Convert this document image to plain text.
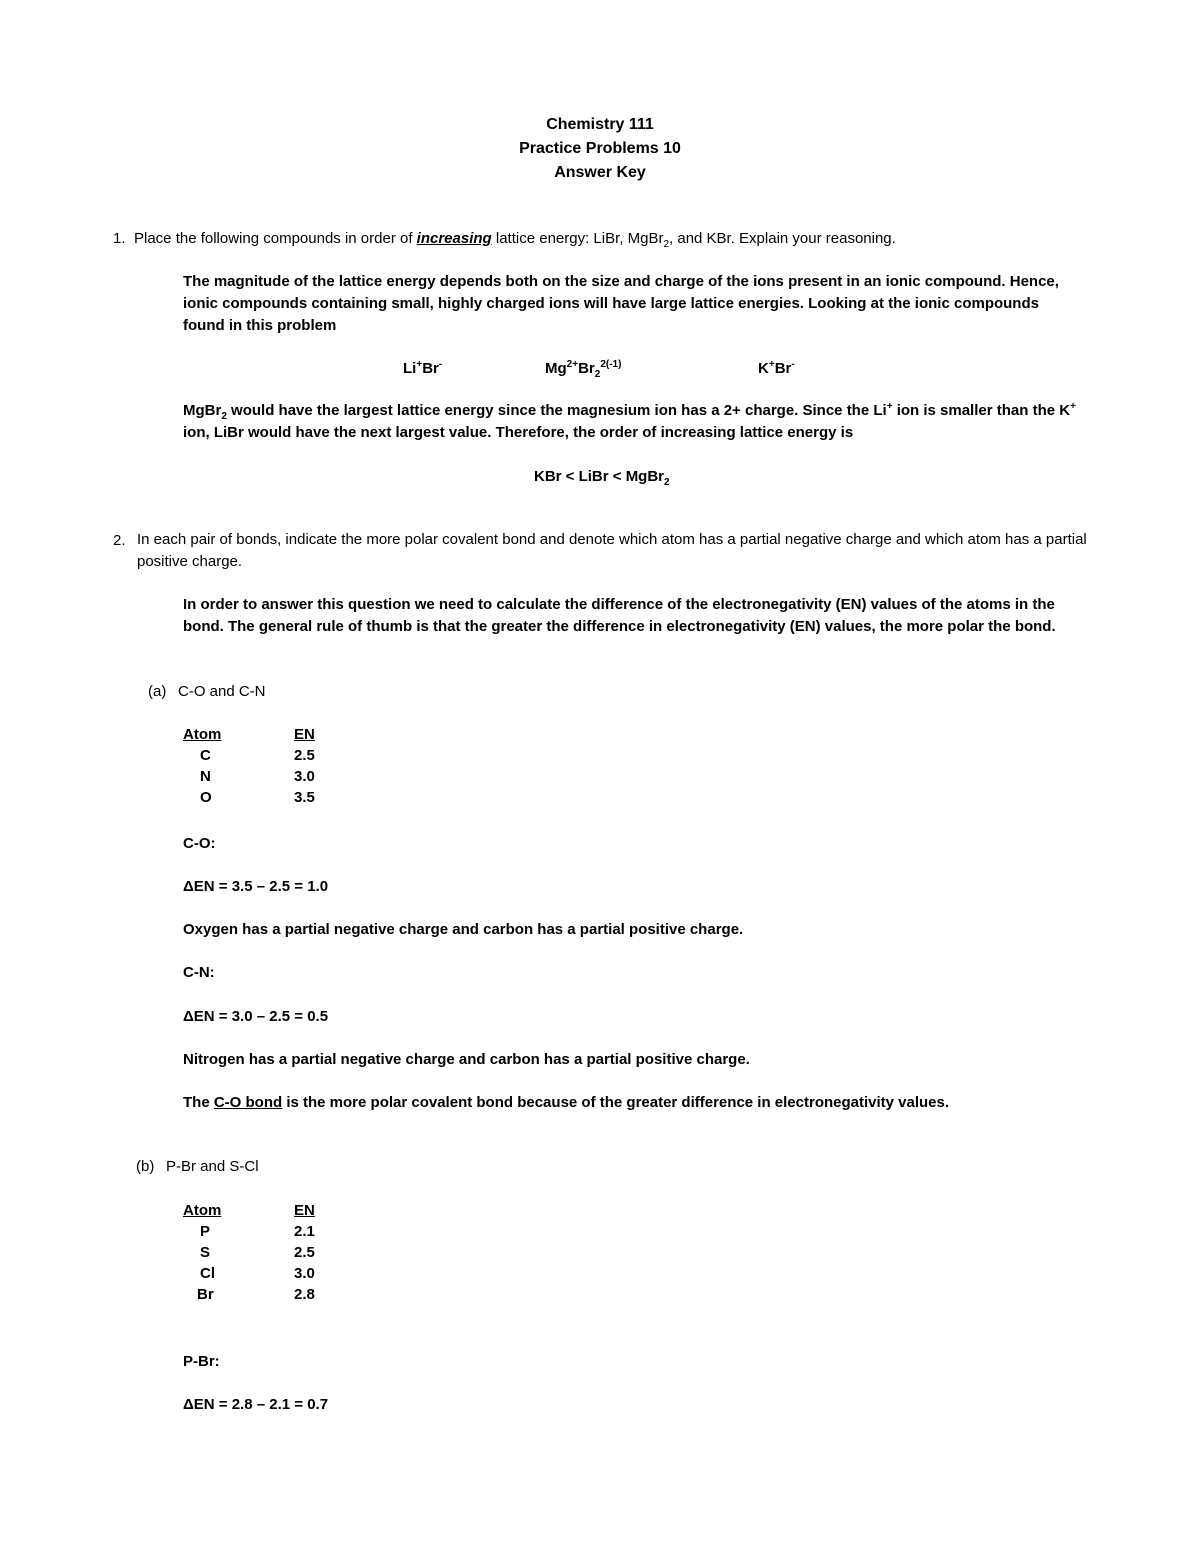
Chemistry 111
Practice Problems 10
Answer Key
1. Place the following compounds in order of increasing lattice energy: LiBr, MgBr$_2$, and KBr. Explain your reasoning.
The magnitude of the lattice energy depends both on the size and charge of the ions present in an ionic compound. Hence, ionic compounds containing small, highly charged ions will have large lattice energies. Looking at the ionic compounds found in this problem
Li+Br-	$Mg^{2+}Br_2^{2(-1)}$	K+Br-
MgBr$_2$ would have the largest lattice energy since the magnesium ion has a 2+ charge. Since the Li+ ion is smaller than the K+ ion, LiBr would have the next largest value. Therefore, the order of increasing lattice energy is
KBr < LiBr < MgBr$_2$
2. In each pair of bonds, indicate the more polar covalent bond and denote which atom has a partial negative charge and which atom has a partial positive charge.
In order to answer this question we need to calculate the difference of the electronegativity (EN) values of the atoms in the bond. The general rule of thumb is that the greater the difference in electronegativity (EN) values, the more polar the bond.
(a) C-O and C-N
Atom	EN
C	2.5
N	3.0
O	3.5
C-O:
ΔEN = 3.5 – 2.5 = 1.0
Oxygen has a partial negative charge and carbon has a partial positive charge.
C-N:
ΔEN = 3.0 – 2.5 = 0.5
Nitrogen has a partial negative charge and carbon has a partial positive charge.
The C-O bond is the more polar covalent bond because of the greater difference in electronegativity values.
(b) P-Br and S-Cl
Atom	EN
P	2.1
S	2.5
Cl	3.0
Br	2.8
P-Br:
ΔEN = 2.8 – 2.1 = 0.7
